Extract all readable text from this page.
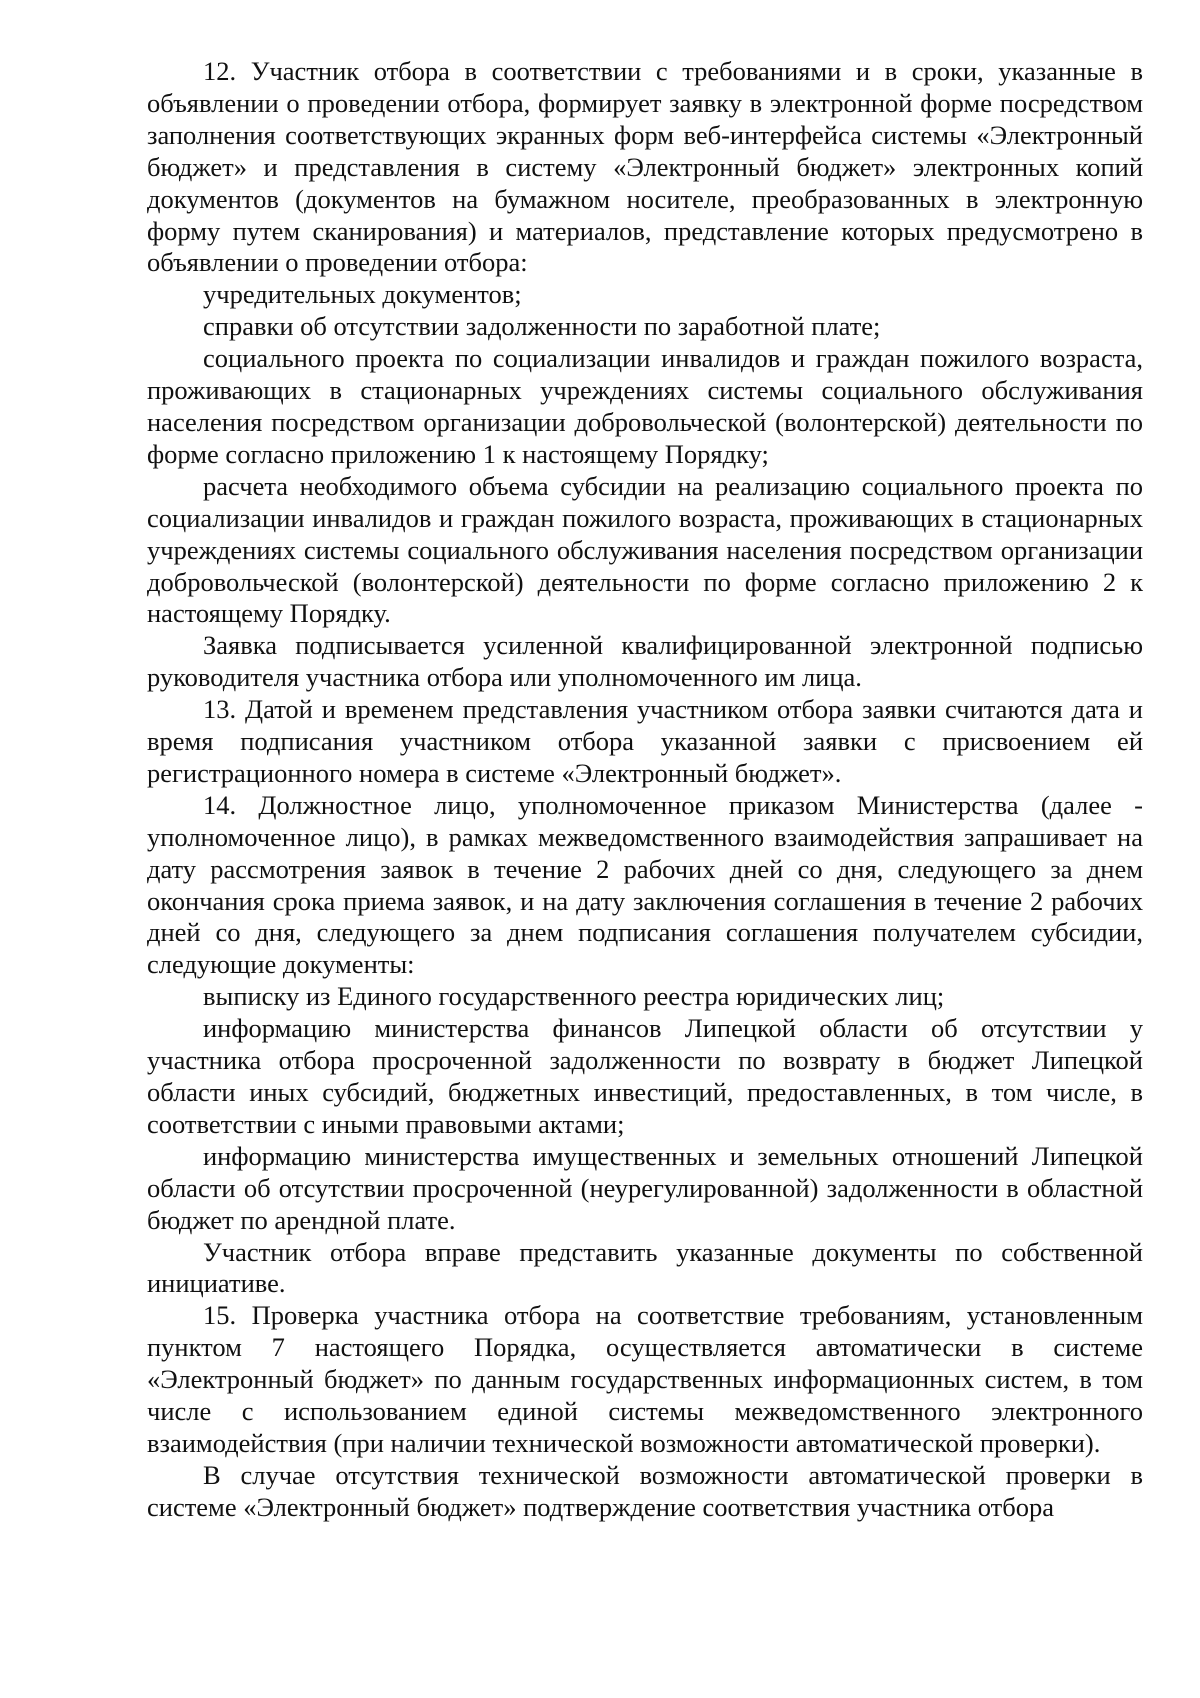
12. Участник отбора в соответствии с требованиями и в сроки, указанные в объявлении о проведении отбора, формирует заявку в электронной форме посредством заполнения соответствующих экранных форм веб-интерфейса системы «Электронный бюджет» и представления в систему «Электронный бюджет» электронных копий документов (документов на бумажном носителе, преобразованных в электронную форму путем сканирования) и материалов, представление которых предусмотрено в объявлении о проведении отбора:

учредительных документов;

справки об отсутствии задолженности по заработной плате;

социального проекта по социализации инвалидов и граждан пожилого возраста, проживающих в стационарных учреждениях системы социального обслуживания населения посредством организации добровольческой (волонтерской) деятельности по форме согласно приложению 1 к настоящему Порядку;

расчета необходимого объема субсидии на реализацию социального проекта по социализации инвалидов и граждан пожилого возраста, проживающих в стационарных учреждениях системы социального обслуживания населения посредством организации добровольческой (волонтерской) деятельности по форме согласно приложению 2 к настоящему Порядку.

Заявка подписывается усиленной квалифицированной электронной подписью руководителя участника отбора или уполномоченного им лица.

13. Датой и временем представления участником отбора заявки считаются дата и время подписания участником отбора указанной заявки с присвоением ей регистрационного номера в системе «Электронный бюджет».

14. Должностное лицо, уполномоченное приказом Министерства (далее - уполномоченное лицо), в рамках межведомственного взаимодействия запрашивает на дату рассмотрения заявок в течение 2 рабочих дней со дня, следующего за днем окончания срока приема заявок, и на дату заключения соглашения в течение 2 рабочих дней со дня, следующего за днем подписания соглашения получателем субсидии, следующие документы:

выписку из Единого государственного реестра юридических лиц;

информацию министерства финансов Липецкой области об отсутствии у участника отбора просроченной задолженности по возврату в бюджет Липецкой области иных субсидий, бюджетных инвестиций, предоставленных, в том числе, в соответствии с иными правовыми актами;

информацию министерства имущественных и земельных отношений Липецкой области об отсутствии просроченной (неурегулированной) задолженности в областной бюджет по арендной плате.

Участник отбора вправе представить указанные документы по собственной инициативе.

15. Проверка участника отбора на соответствие требованиям, установленным пунктом 7 настоящего Порядка, осуществляется автоматически в системе «Электронный бюджет» по данным государственных информационных систем, в том числе с использованием единой системы межведомственного электронного взаимодействия (при наличии технической возможности автоматической проверки).

В случае отсутствия технической возможности автоматической проверки в системе «Электронный бюджет» подтверждение соответствия участника отбора
